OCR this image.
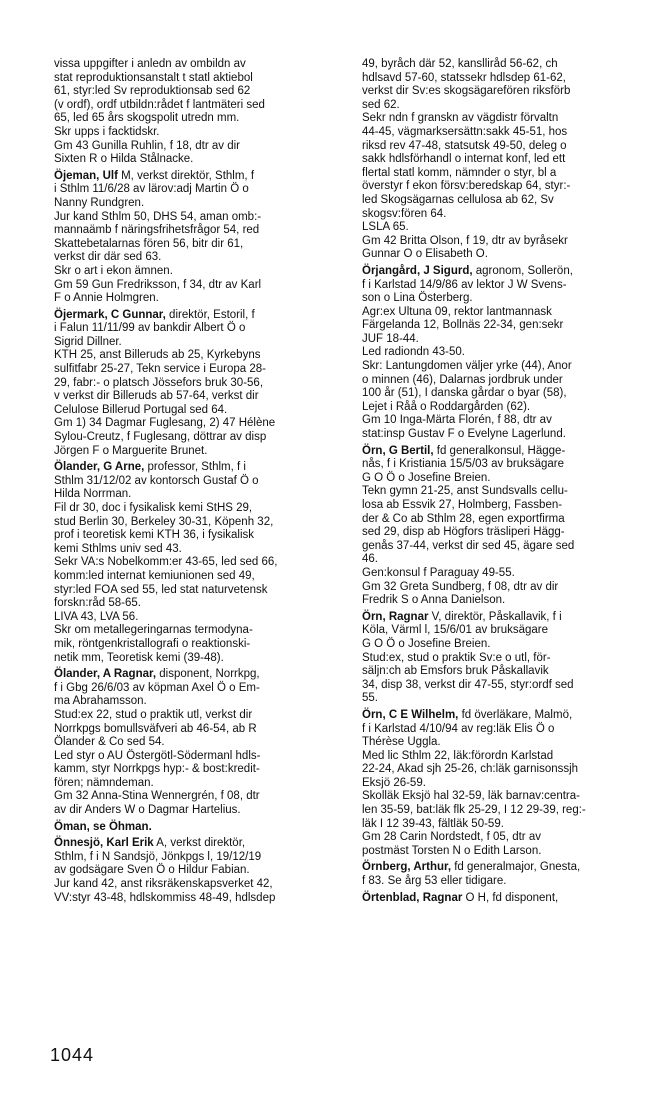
vissa uppgifter i anledn av ombildn av
stat reproduktionsanstalt t statl aktiebol
61, styr:led Sv reproduktionsab sed 62
(v ordf), ordf utbildn:rådet f lantmäteri sed
65, led 65 års skogspolit utredn mm.
Skr upps i facktidskr.
Gm 43 Gunilla Ruhlin, f 18, dtr av dir
Sixten R o Hilda Stålnacke.
Öjeman, Ulf M, verkst direktör, Sthlm, f
i Sthlm 11/6/28 av lärov:adj Martin Ö o
Nanny Rundgren.
Jur kand Sthlm 50, DHS 54, aman omb:-
mannaämb f näringsfrihetsfrågor 54, red
Skattebetalarnas fören 56, bitr dir 61,
verkst dir där sed 63.
Skr o art i ekon ämnen.
Gm 59 Gun Fredriksson, f 34, dtr av Karl
F o Annie Holmgren.
Öjermark, C Gunnar, direktör, Estoril, f
i Falun 11/11/99 av bankdir Albert Ö o
Sigrid Dillner.
KTH 25, anst Billeruds ab 25, Kyrkebyns
sulfitfabr 25-27, Tekn service i Europa 28-
29, fabr:- o platsch Jössefors bruk 30-56,
v verkst dir Billeruds ab 57-64, verkst dir
Celulose Billerud Portugal sed 64.
Gm 1) 34 Dagmar Fuglesang, 2) 47 Hélène
Sylou-Creutz, f Fuglesang, döttrar av disp
Jörgen F o Marguerite Brunet.
Ölander, G Arne, professor, Sthlm, f i
Sthlm 31/12/02 av kontorsch Gustaf Ö o
Hilda Norrman.
Fil dr 30, doc i fysikalisk kemi StHS 29,
stud Berlin 30, Berkeley 30-31, Köpenh 32,
prof i teoretisk kemi KTH 36, i fysikalisk
kemi Sthlms univ sed 43.
Sekr VA:s Nobelkomm:er 43-65, led sed 66,
komm:led internat kemiunionen sed 49,
styr:led FOA sed 55, led stat naturvetensk
forskn:råd 58-65.
LIVA 43, LVA 56.
Skr om metallegeringarnas termodyna-
mik, röntgenkristallografi o reaktionski-
netik mm, Teoretisk kemi (39-48).
Ölander, A Ragnar, disponent, Norrkpg,
f i Gbg 26/6/03 av köpman Axel Ö o Em-
ma Abrahamsson.
Stud:ex 22, stud o praktik utl, verkst dir
Norrkpgs bomullsväfveri ab 46-54, ab R
Ölander & Co sed 54.
Led styr o AU Östergötl-Södermanl hdls-
kamm, styr Norrkpgs hyp:- & bost:kredit-
fören; nämndeman.
Gm 32 Anna-Stina Wennergrén, f 08, dtr
av dir Anders W o Dagmar Hartelius.
Öman, se Öhman.
Önnesjö, Karl Erik A, verkst direktör,
Sthlm, f i N Sandsjö, Jönkpgs l, 19/12/19
av godsägare Sven Ö o Hildur Fabian.
Jur kand 42, anst riksräkenskapsverket 42,
VV:styr 43-48, hdlskommiss 48-49, hdlsdep
49, byråch där 52, kanslliråd 56-62, ch
hdlsavd 57-60, statssekr hdlsdep 61-62,
verkst dir Sv:es skogsägarefören riksförb
sed 62.
Sekr ndn f granskn av vägdistr förvaltn
44-45, vägmarksersättn:sakk 45-51, hos
riksd rev 47-48, statsutsk 49-50, deleg o
sakk hdlsförhandl o internat konf, led ett
flertal statl komm, nämnder o styr, bl a
överstyr f ekon försv:beredskap 64, styr:-
led Skogsägarnas cellulosa ab 62, Sv
skogsv:fören 64.
LSLA 65.
Gm 42 Britta Olson, f 19, dtr av byråsekr
Gunnar O o Elisabeth O.
Örjangård, J Sigurd, agronom, Sollerön,
f i Karlstad 14/9/86 av lektor J W Svens-
son o Lina Österberg.
Agr:ex Ultuna 09, rektor lantmannask
Färgelanda 12, Bollnäs 22-34, gen:sekr
JUF 18-44.
Led radiondn 43-50.
Skr: Lantungdomen väljer yrke (44), Anor
o minnen (46), Dalarnas jordbruk under
100 år (51), I danska gårdar o byar (58),
Lejet i Råå o Roddargården (62).
Gm 10 Inga-Märta Florén, f 88, dtr av
stat:insp Gustav F o Evelyne Lagerlund.
Örn, G Bertil, fd generalkonsul, Hägge-
nås, f i Kristiania 15/5/03 av bruksägare
G O Ö o Josefine Breien.
Tekn gymn 21-25, anst Sundsvalls cellu-
losa ab Essvik 27, Holmberg, Fassben-
der & Co ab Sthlm 28, egen exportfirma
sed 29, disp ab Högfors träsliperi Hägg-
genås 37-44, verkst dir sed 45, ägare sed
46.
Gen:konsul f Paraguay 49-55.
Gm 32 Greta Sundberg, f 08, dtr av dir
Fredrik S o Anna Danielson.
Örn, Ragnar V, direktör, Påskallavik, f i
Köla, Värml l, 15/6/01 av bruksägare
G O Ö o Josefine Breien.
Stud:ex, stud o praktik Sv:e o utl, för-
säljn:ch ab Emsfors bruk Påskallavik
34, disp 38, verkst dir 47-55, styr:ordf sed
55.
Örn, C E Wilhelm, fd överläkare, Malmö,
f i Karlstad 4/10/94 av reg:läk Elis Ö o
Thérèse Uggla.
Med lic Sthlm 22, läk:förordn Karlstad
22-24, Akad sjh 25-26, ch:läk garnisonssjh
Eksjö 26-59.
Skolläk Eksjö hal 32-59, läk barnav:centra-
len 35-59, bat:läk flk 25-29, I 12 29-39, reg:-
läk I 12 39-43, fältläk 50-59.
Gm 28 Carin Nordstedt, f 05, dtr av
postmäst Torsten N o Edith Larson.
Örnberg, Arthur, fd generalmajor, Gnesta,
f 83. Se årg 53 eller tidigare.
Örtenblad, Ragnar O H, fd disponent,
1044
